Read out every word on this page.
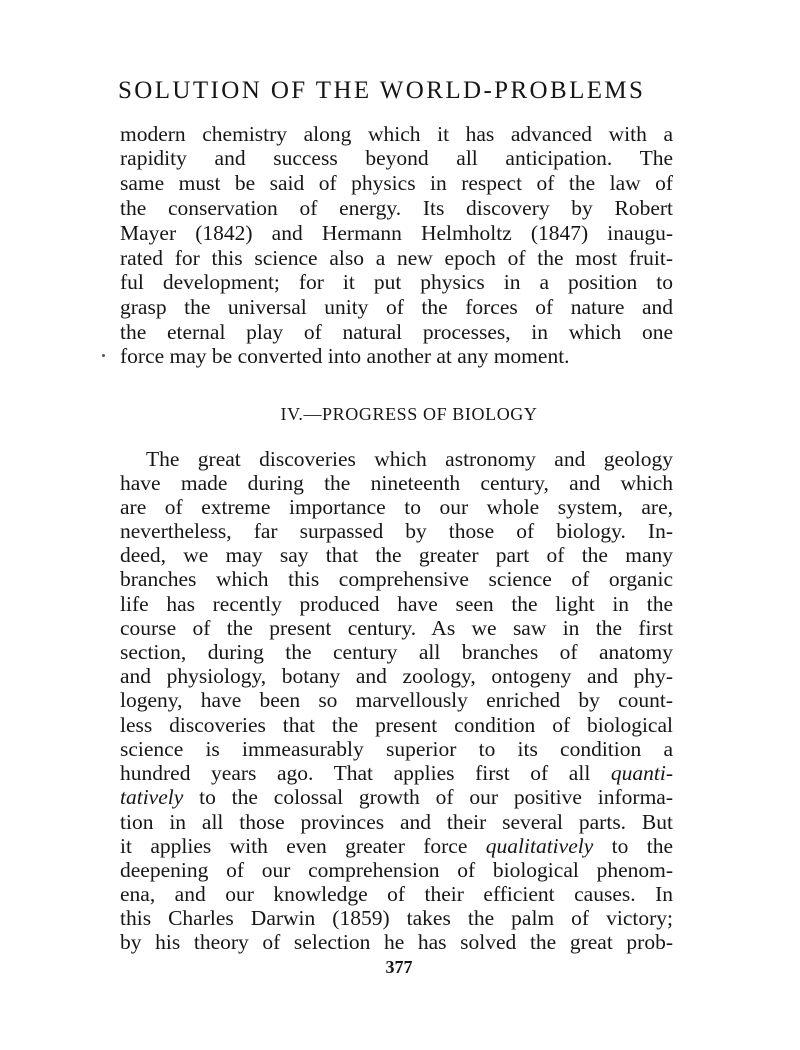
SOLUTION OF THE WORLD-PROBLEMS
modern chemistry along which it has advanced with a
rapidity and success beyond all anticipation. The
same must be said of physics in respect of the law of
the conservation of energy. Its discovery by Robert
Mayer (1842) and Hermann Helmholtz (1847) inaugu-
rated for this science also a new epoch of the most fruit-
ful development; for it put physics in a position to
grasp the universal unity of the forces of nature and
the eternal play of natural processes, in which one
force may be converted into another at any moment.
IV.—PROGRESS OF BIOLOGY
The great discoveries which astronomy and geology
have made during the nineteenth century, and which
are of extreme importance to our whole system, are,
nevertheless, far surpassed by those of biology. In-
deed, we may say that the greater part of the many
branches which this comprehensive science of organic
life has recently produced have seen the light in the
course of the present century. As we saw in the first
section, during the century all branches of anatomy
and physiology, botany and zoology, ontogeny and phy-
logeny, have been so marvellously enriched by count-
less discoveries that the present condition of biological
science is immeasurably superior to its condition a
hundred years ago. That applies first of all quanti-
tatively to the colossal growth of our positive informa-
tion in all those provinces and their several parts. But
it applies with even greater force qualitatively to the
deepening of our comprehension of biological phenom-
ena, and our knowledge of their efficient causes. In
this Charles Darwin (1859) takes the palm of victory;
by his theory of selection he has solved the great prob-
377
